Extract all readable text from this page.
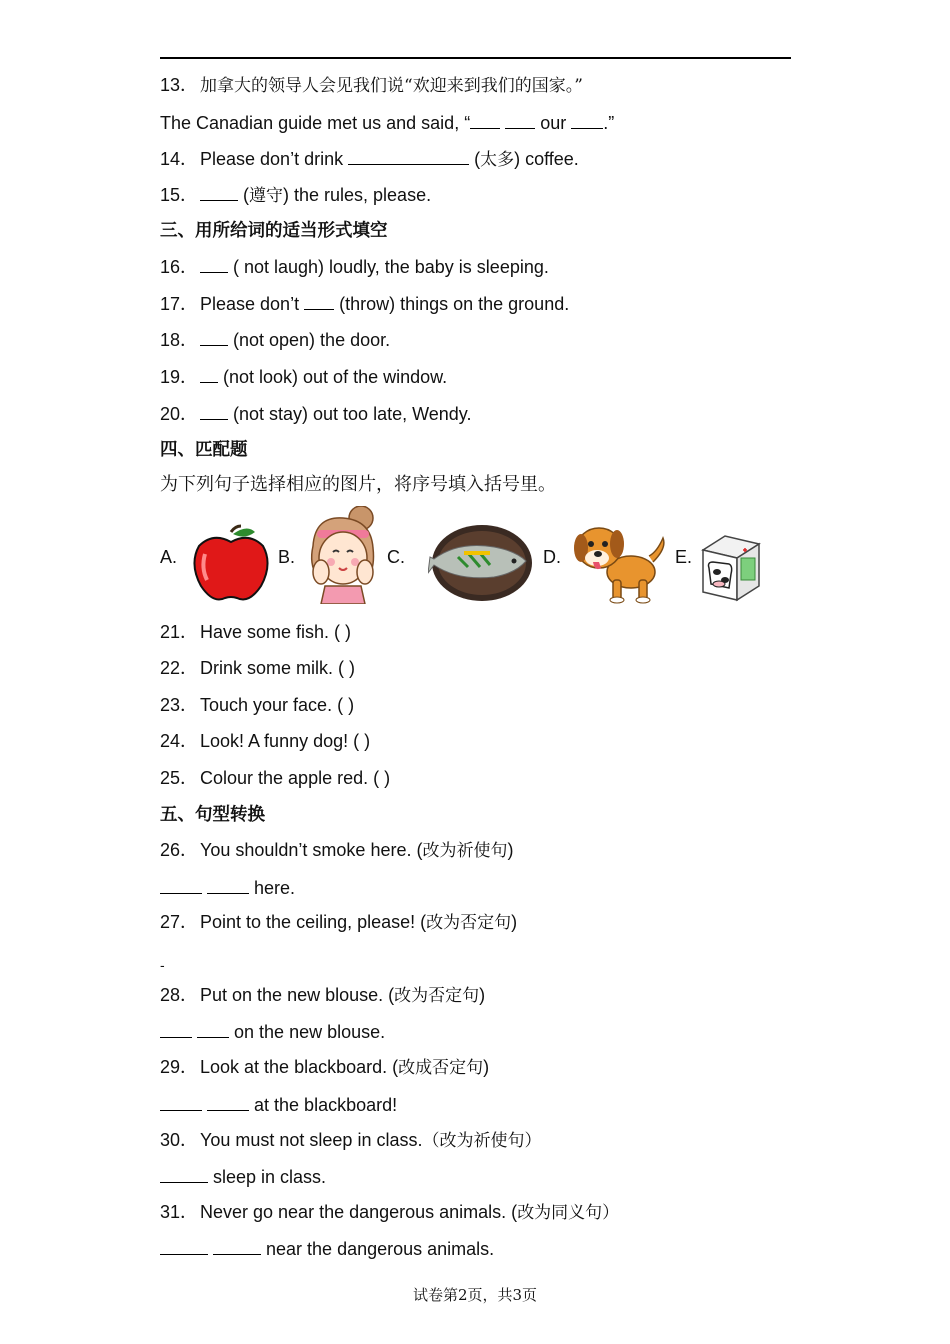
13． 加拿大的领导人会见我们说“欢迎来到我们的国家。”
The Canadian guide met us and said, “	our .”
14． Please don’t drink	(太多) coffee.
15． (遵守) the rules, please.
三、用所给词的适当形式填空
16． ( not laugh) loudly, the baby is sleeping.
17． Please don’t  (throw) things on the ground.
18． (not open) the door.
19． (not look) out of the window.
20． (not stay) out too late, Wendy.
四、匹配题
为下列句子选择相应的图片，将序号填入括号里。
A.	B.	C.	D.	E.
21． Have some fish. ( )
22． Drink some milk. ( )
23． Touch your face. ( )
24． Look! A funny dog! ( )
25． Colour the apple red. ( )
五、句型转换
26． You shouldn’t smoke here. (改为祈使句)
here.
27． Point to the ceiling, please! (改为否定句)
-
28． Put on the new blouse. (改为否定句)
on the new blouse.
29． Look at the blackboard. (改成否定句)
at the blackboard!
30． You must not sleep in class.（改为祈使句）
sleep in class.
31． Never go near the dangerous animals. (改为同义句）
near the dangerous animals.
试卷第2页，共3页
